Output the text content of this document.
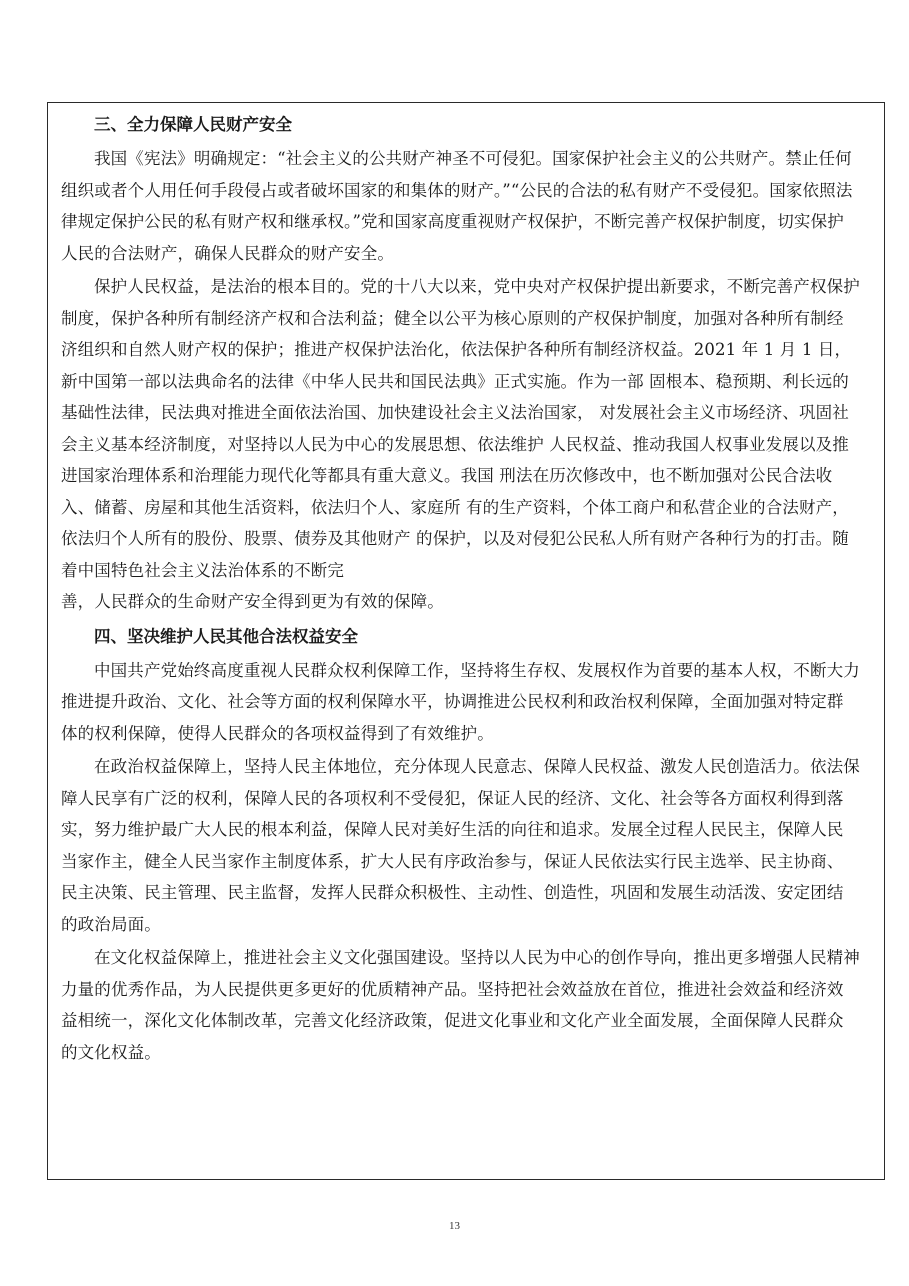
三、全力保障人民财产安全

我国《宪法》明确规定：“社会主义的公共财产神圣不可侵犯。国家保护社会主义的公共财产。禁止任何组织或者个人用任何手段侵占或者破坏国家的和集体的财产。”“公民的合法的私有财产不受侵犯。国家依照法律规定保护公民的私有财产权和继承权。”党和国家高度重视财产权保护，不断完善产权保护制度，切实保护人民的合法财产，确保人民群众的财产安全。

保护人民权益，是法治的根本目的。党的十八大以来，党中央对产权保护提出新要求，不断完善产权保护制度，保护各种所有制经济产权和合法利益；健全以公平为核心原则的产权保护制度，加强对各种所有制经济组织和自然人财产权的保护；推进产权保护法治化，依法保护各种所有制经济权益。2021 年 1 月 1 日，新中国第一部以法典命名的法律《中华人民共和国民法典》正式实施。作为一部 固根本、稳预期、利长远的基础性法律，民法典对推进全面依法治国、加快建设社会主义法治国家， 对发展社会主义市场经济、巩固社会主义基本经济制度，对坚持以人民为中心的发展思想、依法维护 人民权益、推动我国人权事业发展以及推进国家治理体系和治理能力现代化等都具有重大意义。我国 刑法在历次修改中，也不断加强对公民合法收入、储蓄、房屋和其他生活资料，依法归个人、家庭所 有的生产资料，个体工商户和私营企业的合法财产，依法归个人所有的股份、股票、债券及其他财产 的保护，以及对侵犯公民私人所有财产各种行为的打击。随着中国特色社会主义法治体系的不断完

善，人民群众的生命财产安全得到更为有效的保障。

四、坚决维护人民其他合法权益安全

中国共产党始终高度重视人民群众权利保障工作，坚持将生存权、发展权作为首要的基本人权，不断大力推进提升政治、文化、社会等方面的权利保障水平，协调推进公民权利和政治权利保障，全面加强对特定群体的权利保障，使得人民群众的各项权益得到了有效维护。

在政治权益保障上，坚持人民主体地位，充分体现人民意志、保障人民权益、激发人民创造活力。依法保障人民享有广泛的权利，保障人民的各项权利不受侵犯，保证人民的经济、文化、社会等各方面权利得到落实，努力维护最广大人民的根本利益，保障人民对美好生活的向往和追求。发展全过程人民民主，保障人民当家作主，健全人民当家作主制度体系，扩大人民有序政治参与，保证人民依法实行民主选举、民主协商、民主决策、民主管理、民主监督，发挥人民群众积极性、主动性、创造性，巩固和发展生动活泼、安定团结的政治局面。

在文化权益保障上，推进社会主义文化强国建设。坚持以人民为中心的创作导向，推出更多增强人民精神力量的优秀作品，为人民提供更多更好的优质精神产品。坚持把社会效益放在首位，推进社会效益和经济效益相统一，深化文化体制改革，完善文化经济政策，促进文化事业和文化产业全面发展，全面保障人民群众的文化权益。

13
